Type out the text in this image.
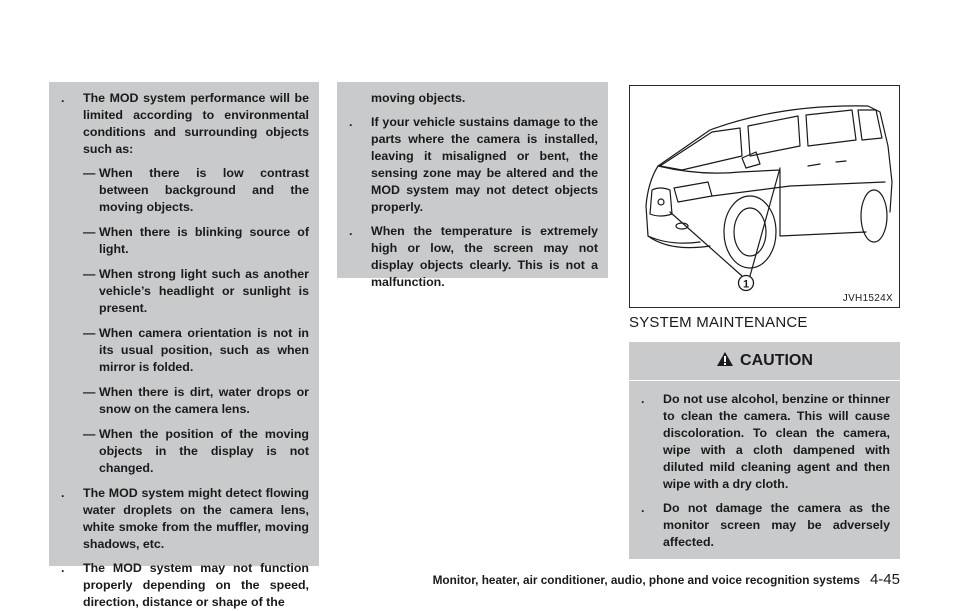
. The MOD system performance will be limited according to environmental conditions and surrounding objects such as:
— When there is low contrast between background and the moving objects.
— When there is blinking source of light.
— When strong light such as another vehicle’s headlight or sunlight is present.
— When camera orientation is not in its usual position, such as when mirror is folded.
— When there is dirt, water drops or snow on the camera lens.
— When the position of the moving objects in the display is not changed.
. The MOD system might detect flowing water droplets on the camera lens, white smoke from the muffler, moving shadows, etc.
. The MOD system may not function properly depending on the speed, direction, distance or shape of the
moving objects.
. If your vehicle sustains damage to the parts where the camera is installed, leaving it misaligned or bent, the sensing zone may be altered and the MOD system may not detect objects properly.
. When the temperature is extremely high or low, the screen may not display objects clearly. This is not a malfunction.	1
JVH1524X
SYSTEM MAINTENANCE
CAUTION
. Do not use alcohol, benzine or thinner to clean the camera. This will cause discoloration. To clean the camera, wipe with a cloth dampened with diluted mild cleaning agent and then wipe with a dry cloth.
. Do not damage the camera as the monitor screen may be adversely affected.
Monitor, heater, air conditioner, audio, phone and voice recognition systems 4-45
